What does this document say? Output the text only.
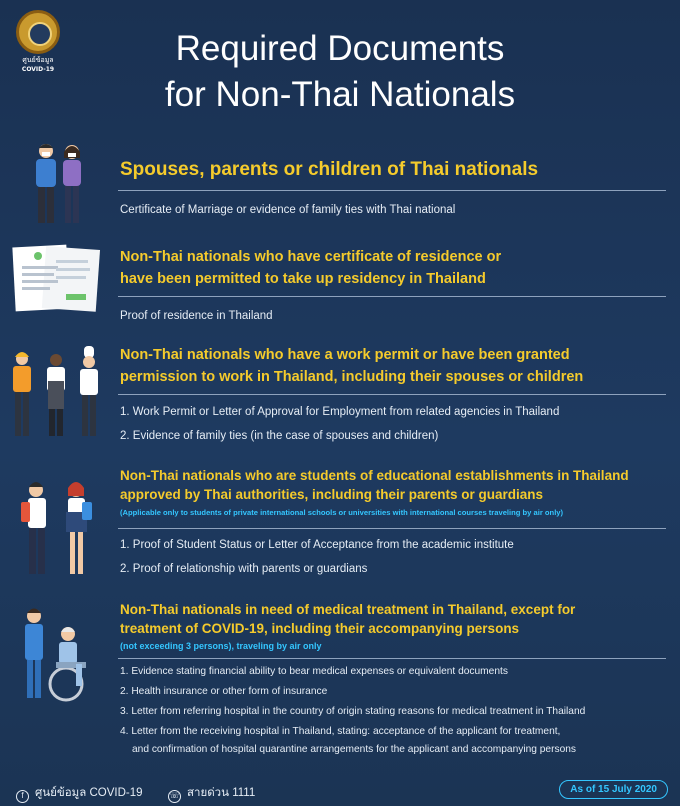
ศูนย์ข้อมูล
COVID-19
Required Documents
for Non-Thai Nationals
Spouses, parents or children of Thai nationals
Certificate of Marriage or evidence of family ties with Thai national
Non-Thai nationals who have certificate of residence or
have been permitted to take up residency in Thailand
Proof of residence in Thailand
Non-Thai nationals who have a work permit or have been granted
permission to work in Thailand, including their spouses or children
1. Work Permit or Letter of Approval for Employment from related agencies in Thailand
2. Evidence of family ties (in the case of spouses and children)
Non-Thai nationals who are students of educational establishments in Thailand
approved by Thai authorities, including their parents or guardians
(Applicable only to students of private international schools or universities with international courses traveling by air only)
1. Proof of Student Status or Letter of Acceptance from the academic institute
2. Proof of relationship with parents or guardians
Non-Thai nationals in need of medical treatment in Thailand, except for
treatment of COVID-19, including their accompanying persons
(not exceeding 3 persons), traveling by air only
1. Evidence stating financial ability to bear medical expenses or equivalent documents
2. Health insurance or other form of insurance
3. Letter from referring hospital in the country of origin stating reasons for medical treatment in Thailand
4. Letter from the receiving hospital in Thailand, stating: acceptance of the applicant for treatment,
and confirmation of hospital quarantine arrangements for the applicant and accompanying persons
f ศูนย์ข้อมูล COVID-19	☏ สายด่วน 1111	As of 15 July 2020
